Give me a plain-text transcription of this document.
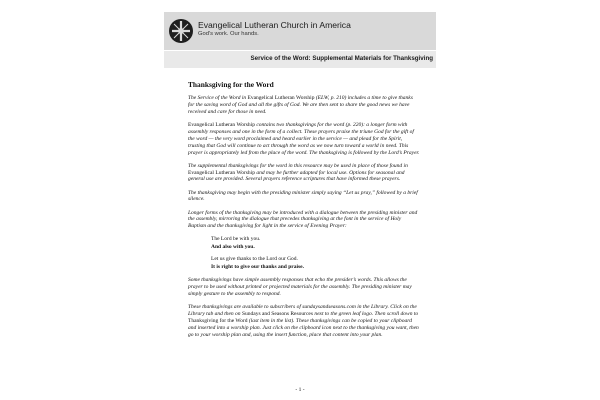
Evangelical Lutheran Church in America
God's work. Our hands.
Service of the Word: Supplemental Materials for Thanksgiving
Thanksgiving for the Word

The Service of the Word in Evangelical Lutheran Worship (ELW, p. 210) includes a time to give thanks for the saving word of God and all the gifts of God. We are then sent to share the good news we have received and care for those in need.

Evangelical Lutheran Worship contains two thanksgivings for the word (p. 220): a longer form with assembly responses and one in the form of a collect. These prayers praise the triune God for the gift of the word — the very word proclaimed and heard earlier in the service — and plead for the Spirit, trusting that God will continue to act through the word as we now turn toward a world in need. This prayer is appropriately led from the place of the word. The thanksgiving is followed by the Lord’s Prayer.

The supplemental thanksgivings for the word in this resource may be used in place of those found in Evangelical Lutheran Worship and may be further adapted for local use. Options for seasonal and general use are provided. Several prayers reference scriptures that have informed these prayers.

The thanksgiving may begin with the presiding minister simply saying “Let us pray,” followed by a brief silence.

Longer forms of the thanksgiving may be introduced with a dialogue between the presiding minister and the assembly, mirroring the dialogue that precedes thanksgiving at the font in the service of Holy Baptism and the thanksgiving for light in the service of Evening Prayer:

The Lord be with you.
And also with you.
Let us give thanks to the Lord our God.
It is right to give our thanks and praise.

Some thanksgivings have simple assembly responses that echo the presider’s words. This allows the prayer to be used without printed or projected materials for the assembly. The presiding minister may simply gesture to the assembly to respond.

These thanksgivings are available to subscribers of sundaysandseasons.com in the Library. Click on the Library tab and then on Sundays and Seasons Resources next to the green leaf logo. Then scroll down to Thanksgiving for the Word (last item in the list). These thanksgivings can be copied to your clipboard and inserted into a worship plan. Just click on the clipboard icon next to the thanksgiving you want, then go to your worship plan and, using the insert function, place that content into your plan.

- 1 -
